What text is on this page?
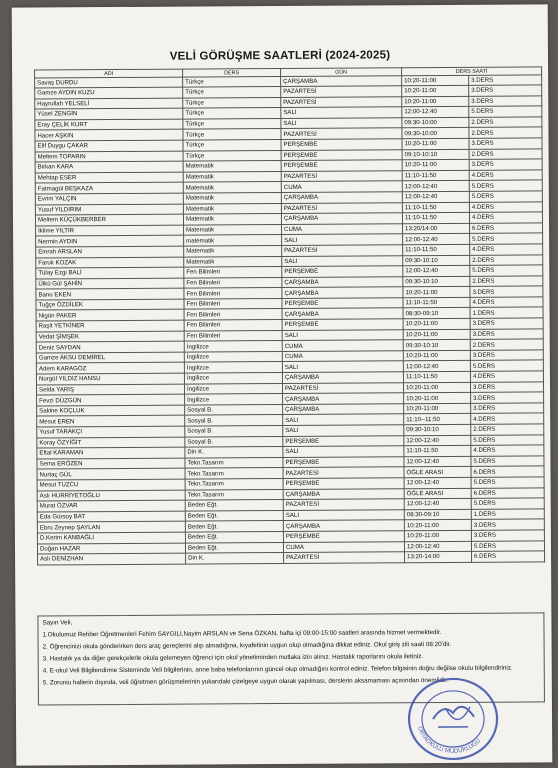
VELİ GÖRÜŞME SAATLERİ (2024-2025)
ADI	DERS	GÜN	DERS SAATİ	
Savaş DURDU	Türkçe	ÇARŞAMBA	10:20-11:00	3.DERS
Gamze AYDIN KUZU	Türkçe	PAZARTESİ	10:20-11:00	3.DERS
Hayrullah YELSELİ	Türkçe	PAZARTESİ	10:20-11:00	3.DERS
Yüsel ZENGİN	Türkçe	SALI	12:00-12:40	5.DERS
Eray ÇELİK KURT	Türkçe	SALI	09:30-10:00	2.DERS
Hacer AŞKIN	Türkçe	PAZARTESİ	09:30-10:00	2.DERS
Elif Duygu ÇAKAR	Türkçe	PERŞEMBE	10:20-11:00	3.DERS
Meltem TOPARIN	Türkçe	PERŞEMBE	09:10-10:10	2.DERS
Birkan KARA	Matematik	PERŞEMBE	10:20-11:00	3.DERS
Mehtap ESER	Matematik	PAZARTESİ	11:10-11:50	4.DERS
Fatmagül BEŞKAZA	Matematik	CUMA	12:00-12:40	5.DERS
Evrim YALÇIN	Matematik	ÇARŞAMBA	12:00-12:40	5.DERS
Yusuf YILDIRIM	Matematik	PAZARTESİ	11:10-11:50	4.DERS
Meltem KÜÇÜKBERBER	Matematik	ÇARŞAMBA	11:10-11:50	4.DERS
İklime YILTIR	Matematik	CUMA	13:20/14:00	6.DERS
Nermin AYDIN	matematik	SALI	12:00-12:40	5.DERS
Emrah ARSLAN	Matematik	PAZARTESİ	11:10-11:50	4.DERS
Faruk KOZAK	Matematik	SALI	09:30-10:10	2.DERS
Tülay Ezgi BALİ	Fen Bilimleri	PERŞEMBE	12:00-12:40	5.DERS
Ülkü Gül ŞAHİN	Fen Bilimleri	ÇARŞAMBA	09:30-10:10	2.DERS
Banu EKEN	Fen Bilimleri	ÇARŞAMBA	10:20-11:00	3.DERS
Tuğçe ÖZDİLEK	Fen Bilimleri	PERŞEMBE	11:10-11:50	4.DERS
Nigün PAKER	Fen Bilimleri	ÇARŞAMBA	08:30-09:10	1.DERS
Raşit YETKİNER	Fen Bilimleri	PERŞEMBE	10:20-11:00	3.DERS
Vedat ŞİMŞEK	Fen Bilimleri	SALI	10:20-11:00	3.DERS
Deniz SAYDAN	İngilizce	CUMA	09:30-10:10	2.DERS
Gamze AKSU DEMİREL	İngilizce	CUMA	10:20-11:00	3.DERS
Adem KARAGÖZ	İngilizce	SALI	12:00-12:40	5.DERS
Nurgül YILDIZ HANSU	İngilizce	ÇARŞAMBA	11:10-11:50	4.DERS
Selda YARIŞ	İngilizce	PAZARTESİ	10:20-11:00	3.DERS
Fevzi DÜZGÜN	İngilizce	ÇARŞAMBA	10:20-11:00	3.DERS
Sakine KOÇLUK	Sosyal B.	ÇARŞAMBA	10:20-11:00	3.DERS
Mesut EREN	Sosyal B.	SALI	11:10--11:50	4.DERS
Yusuf TARAKÇI	Sosyal B.	SALI	09:30-10:10	2.DERS
Koray ÖZYİĞİT	Sosyal B.	PERŞEMBE	12:00-12:40	5.DERS
Eftal KARAMAN	Din K.	SALI	11:10-11:50	4.DERS
Sema ERÖZEN	Tekn.Tasarım	PERŞEMBE	12:00-12:40	5.DERS
Nurtaç GÜL	Tekn.Tasarım	PAZARTESİ	ÖĞLE ARASI	6.DERS
Mesut TUZCU	Tekn.Tasarım	PERŞEMBE	12:00-12:40	5.DERS
Aslı HURRİYETOĞLU	Tekn.Tasarım	ÇARŞAMBA	ÖĞLE ARASI	6.DERS
Murat ÖZVAR	Beden Eğt.	PAZARTESİ	12:00-12:40	5.DERS
Eda Gürsoy BAT	Beden Eğt.	SALI	08:30-09:10	1.DERS
Ebru Zeynep ŞAYLAN	Beden Eğt.	ÇARŞAMBA	10:20-11:00	3.DERS
D.Kerim KANBAĞLI	Beden Eğt.	PERŞEMBE	10:20-11:00	3.DERS
Doğan HAZAR	Beden Eğt.	CUMA	12:00-12:40	5.DERS
Aslı DENİZHAN	Din K.	PAZARTESİ	13:20-14:00	6.DERS

Sayın Veli,

1.Okulumuz Rehber Öğretmenleri Fehim SAYGILI,Nayim ARSLAN ve Sena ÖZKAN, hafta içi 09:00-15:00 saatleri arasında hizmet vermektedir.

2. Öğrencinizi okula gönderirken ders araç gereçlerini alıp almadığına, kıyafetinin uygun olup olmadığına dikkat ediniz. Okul giriş zili saati 08:20'dir.

3. Hastalık ya da diğer gerekçelerle okula gelemeyen öğrenci için okul yönetiminden mutlaka izin alınız. Hastalık raporlarını okula iletiniz.

4. E-okul Veli Bilgilendirme Sisteminde Veli bilgilerinin, anne baba telefonlarının güncel olup olmadığını kontrol ediniz. Telefon bilgisinin doğru değilse okulu bilgilendiriniz.

5. Zoruniu hallerin dışında, veli öğretmen görüşmelerinin yukarıdaki çizelgeye uygun olarak yapılması, derslerin aksamaması açısından önemlidir.

ORTAOKULU MÜDÜRLÜĞÜ
